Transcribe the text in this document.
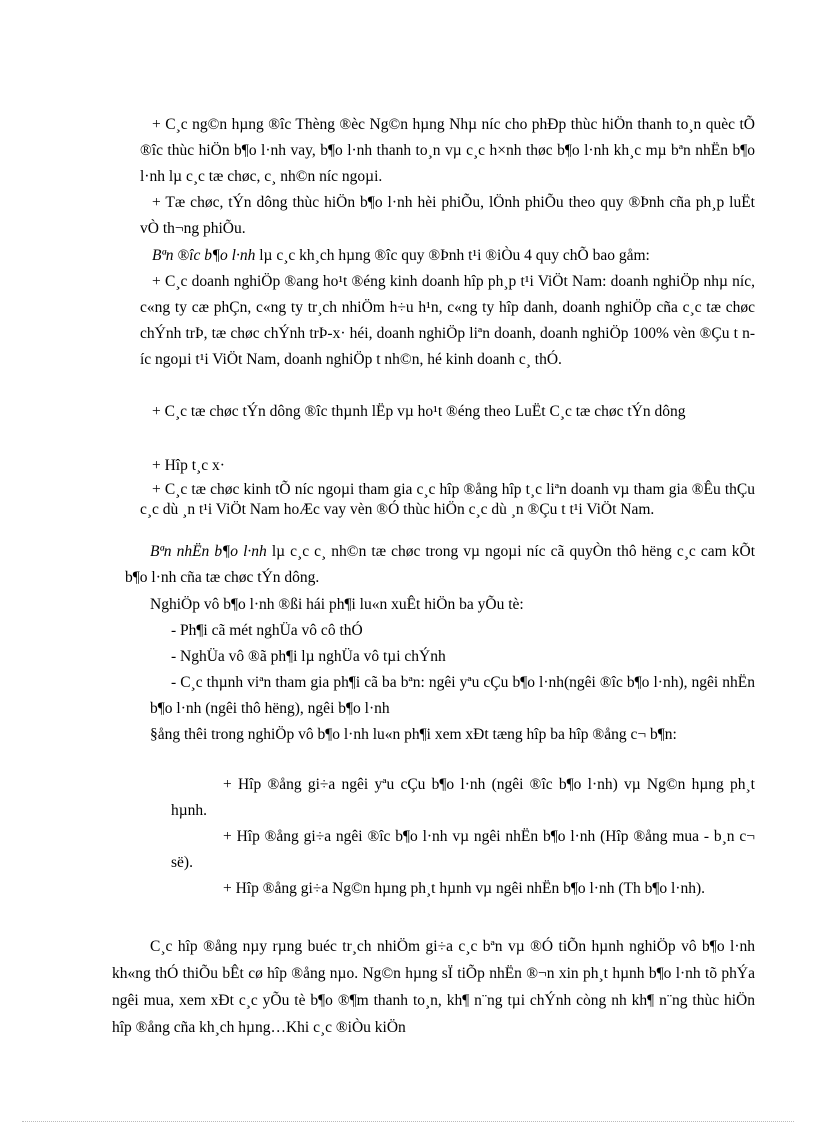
+ C¸c ng©n hµng ®îc Thèng ®èc Ng©n hµng Nhµ níc cho phÐp thùc hiÖn thanh to¸n quèc tÕ ®îc thùc hiÖn b¶o l·nh vay, b¶o l·nh thanh to¸n vµ c¸c h×nh thøc b¶o l·nh kh¸c mµ bªn nhËn b¶o l·nh lµ c¸c tæ chøc, c¸ nh©n níc ngoµi.

+ Tæ chøc, tÝn dông thùc hiÖn b¶o l·nh hèi phiÕu, lÖnh phiÕu theo quy ®Þnh cña ph¸p luËt vÒ th¬ng phiÕu.

Bªn ®îc b¶o l·nh lµ c¸c kh¸ch hµng ®îc quy ®Þnh t¹i ®iÒu 4 quy chÕ bao gåm:

+ C¸c doanh nghiÖp ®ang ho¹t ®éng kinh doanh hîp ph¸p t¹i ViÖt Nam: doanh nghiÖp nhµ níc, c«ng ty cæ phÇn, c«ng ty tr¸ch nhiÖm h÷u h¹n, c«ng ty hîp danh, doanh nghiÖp cña c¸c tæ chøc chÝnh trÞ, tæ chøc chÝnh trÞ-x· héi, doanh nghiÖp liªn doanh, doanh nghiÖp 100% vèn ®Çu t níc ngoµi t¹i ViÖt Nam, doanh nghiÖp t nh©n, hé kinh doanh c¸ thÓ.

+ C¸c tæ chøc tÝn dông ®îc thµnh lËp vµ ho¹t ®éng theo LuËt C¸c tæ chøc tÝn dông

+ Hîp t¸c x·

+ C¸c tæ chøc kinh tÕ níc ngoµi tham gia c¸c hîp ®ång hîp t¸c liªn doanh vµ tham gia ®Êu thÇu c¸c dù ¸n t¹i ViÖt Nam hoÆc vay vèn ®Ó thùc hiÖn c¸c dù ¸n ®Çu t t¹i ViÖt Nam.

Bªn nhËn b¶o l·nh lµ c¸c c¸ nh©n tæ chøc trong vµ ngoµi níc cã quyÒn thô hëng c¸c cam kÕt b¶o l·nh cña tæ chøc tÝn dông.

NghiÖp vô b¶o l·nh ®ßi hái ph¶i lu«n xuÊt hiÖn ba yÕu tè:

- Ph¶i cã mét nghÜa vô cô thÓ

- NghÜa vô ®ã ph¶i lµ nghÜa vô tµi chÝnh

- C¸c thµnh viªn tham gia ph¶i cã ba bªn: ngêi yªu cÇu b¶o l·nh(ngêi ®îc b¶o l·nh), ngêi nhËn b¶o l·nh (ngêi thô hëng), ngêi b¶o l·nh

§ång thêi trong nghiÖp vô b¶o l·nh lu«n ph¶i xem xÐt tæng hîp ba hîp ®ång c¬ b¶n:

+ Hîp ®ång gi÷a ngêi yªu cÇu b¶o l·nh (ngêi ®îc b¶o l·nh) vµ Ng©n hµng ph¸t hµnh.

+ Hîp ®ång gi÷a ngêi ®îc b¶o l·nh vµ ngêi nhËn b¶o l·nh (Hîp ®ång mua - b¸n c¬ së).

+ Hîp ®ång gi÷a Ng©n hµng ph¸t hµnh vµ ngêi nhËn b¶o l·nh (Th b¶o l·nh).

C¸c hîp ®ång nµy rµng buéc tr¸ch nhiÖm gi÷a c¸c bªn vµ ®Ó tiÕn hµnh nghiÖp vô b¶o l·nh kh«ng thÓ thiÕu bÊt cø hîp ®ång nµo. Ng©n hµng sÏ tiÕp nhËn ®¬n xin ph¸t hµnh b¶o l·nh tõ phÝa ngêi mua, xem xÐt c¸c yÕu tè b¶o ®¶m thanh to¸n, kh¶ n¨ng tµi chÝnh còng nh kh¶ n¨ng thùc hiÖn hîp ®ång cña kh¸ch hµng…Khi c¸c ®iÒu kiÖn
